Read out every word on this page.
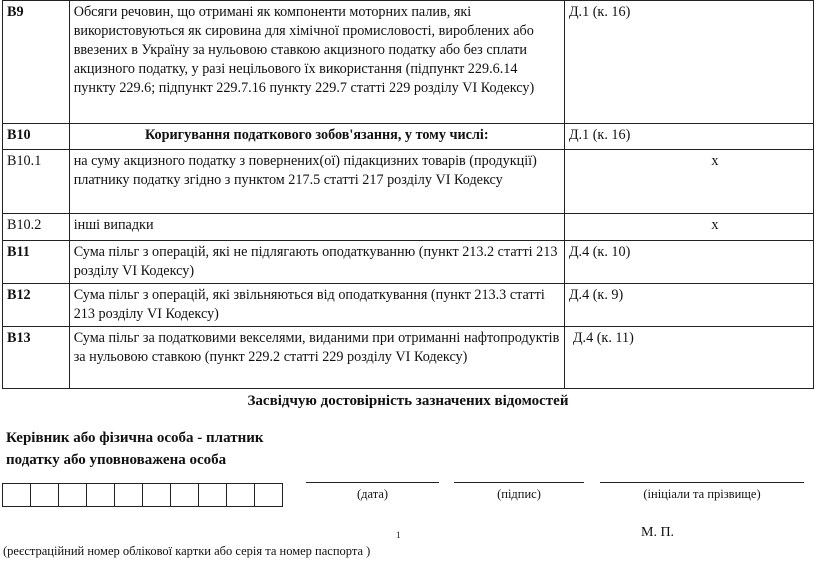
В9	Обсяги речовин, що отримані як компоненти моторних палив, які використовуються як сировина для хімічної промисловості, вироблених або ввезених в Україну за нульовою ставкою акцизного податку або без сплати акцизного податку, у разі нецільового їх використання (підпункт 229.6.14 пункту 229.6; підпункт 229.7.16 пункту 229.7 статті 229 розділу VI Кодексу)	Д.1 (к. 16)
В10	Коригування податкового зобов'язання, у тому числі:	Д.1 (к. 16)
В10.1	на суму акцизного податку з повернених(ої) підакцизних товарів (продукції) платнику податку згідно з пунктом 217.5 статті 217 розділу VI Кодексу	х
В10.2	інші випадки	х
В11	Сума пільг з операцій, які не підлягають оподаткуванню (пункт 213.2 статті 213 розділу VI Кодексу)	Д.4 (к. 10)
В12	Сума пільг з операцій, які звільняються від оподаткування (пункт 213.3 статті 213 розділу VI Кодексу)	Д.4 (к. 9)
В13	Сума пільг за податковими векселями, виданими при отриманні нафтопродуктів за нульовою ставкою (пункт 229.2 статті 229 розділу VI Кодексу)	Д.4 (к. 11)
Засвідчую достовірність зазначених відомостей
Керівник або фізична особа - платник
податку або уповноважена особа
(дата)	(підпис)	(ініціали та прізвище)
1	М. П.
(реєстраційний номер облікової картки або серія та номер паспорта )
